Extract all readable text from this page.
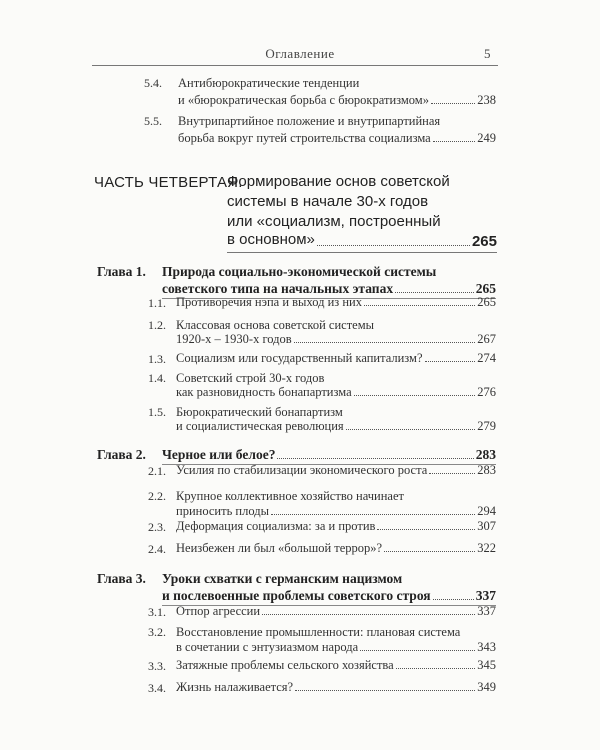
Оглавление	5
5.4. Антибюрократические тенденции
и «бюрократическая борьба с бюрократизмом»	238
5.5. Внутрипартийное положение и внутрипартийная
борьба вокруг путей строительства социализма	249
ЧАСТЬ ЧЕТВЕРТАЯ.
Формирование основ советской
системы в начале 30-х годов
или «социализм, построенный
в основном»	265
Глава 1. Природа социально-экономической системы
советского типа на начальных этапах	265
1.1. Противоречия нэпа и выход из них	265
1.2. Классовая основа советской системы
1920-х – 1930-х годов	267
1.3. Социализм или государственный капитализм?	274
1.4. Советский строй 30-х годов
как разновидность бонапартизма	276
1.5. Бюрократический бонапартизм
и социалистическая революция	279
Глава 2. Черное или белое?	283
2.1. Усилия по стабилизации экономического роста	283
2.2. Крупное коллективное хозяйство начинает
приносить плоды	294
2.3. Деформация социализма: за и против	307
2.4. Неизбежен ли был «большой террор»?	322
Глава 3. Уроки схватки с германским нацизмом
и послевоенные проблемы советского строя	337
3.1. Отпор агрессии	337
3.2. Восстановление промышленности: плановая система
в сочетании с энтузиазмом народа	343
3.3. Затяжные проблемы сельского хозяйства	345
3.4. Жизнь налаживается?	349
